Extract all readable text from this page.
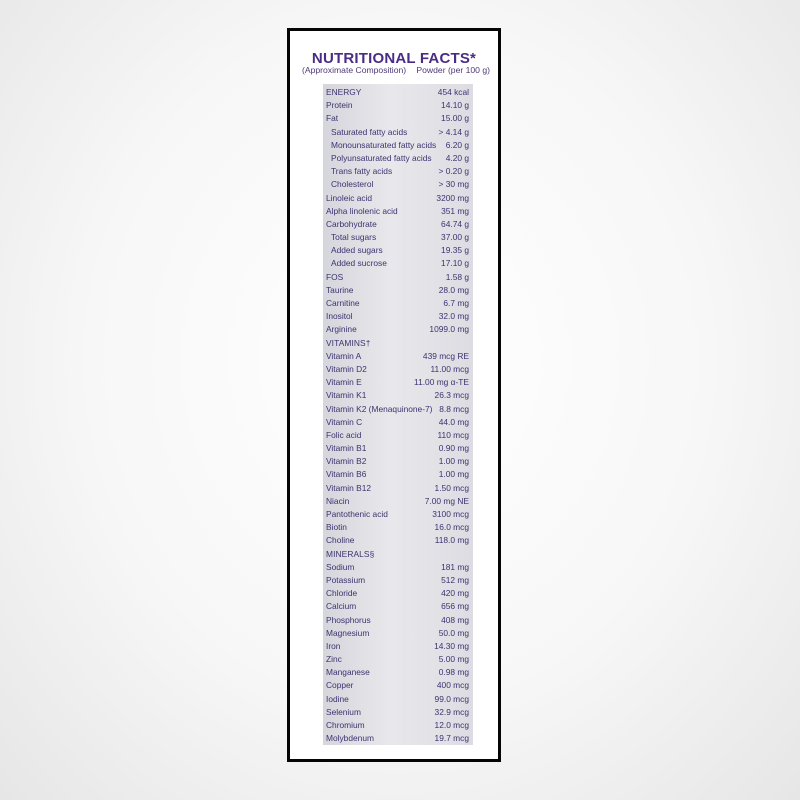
NUTRITIONAL FACTS*
(Approximate Composition) Powder (per 100 g)
ENERGY	454 kcal
Protein	14.10 g
Fat	15.00 g
Saturated fatty acids	> 4.14 g
Monounsaturated fatty acids 6.20 g
Polyunsaturated fatty acids 4.20 g
Trans fatty acids	> 0.20 g
Cholesterol	> 30 mg
Linoleic acid	3200 mg
Alpha linolenic acid	351 mg
Carbohydrate	64.74 g
Total sugars	37.00 g
Added sugars	19.35 g
Added sucrose	17.10 g
FOS	1.58 g
Taurine	28.0 mg
Carnitine	6.7 mg
Inositol	32.0 mg
Arginine	1099.0 mg
VITAMINS†
Vitamin A	439 mcg RE
Vitamin D2	11.00 mcg
Vitamin E	11.00 mg α-TE
Vitamin K1	26.3 mcg
Vitamin K2 (Menaquinone-7) 8.8 mcg
Vitamin C	44.0 mg
Folic acid	110 mcg
Vitamin B1	0.90 mg
Vitamin B2	1.00 mg
Vitamin B6	1.00 mg
Vitamin B12	1.50 mcg
Niacin	7.00 mg NE
Pantothenic acid	3100 mcg
Biotin	16.0 mcg
Choline	118.0 mg
MINERALS§
Sodium	181 mg
Potassium	512 mg
Chloride	420 mg
Calcium	656 mg
Phosphorus	408 mg
Magnesium	50.0 mg
Iron	14.30 mg
Zinc	5.00 mg
Manganese	0.98 mg
Copper	400 mcg
Iodine	99.0 mcg
Selenium	32.9 mcg
Chromium	12.0 mcg
Molybdenum	19.7 mcg
